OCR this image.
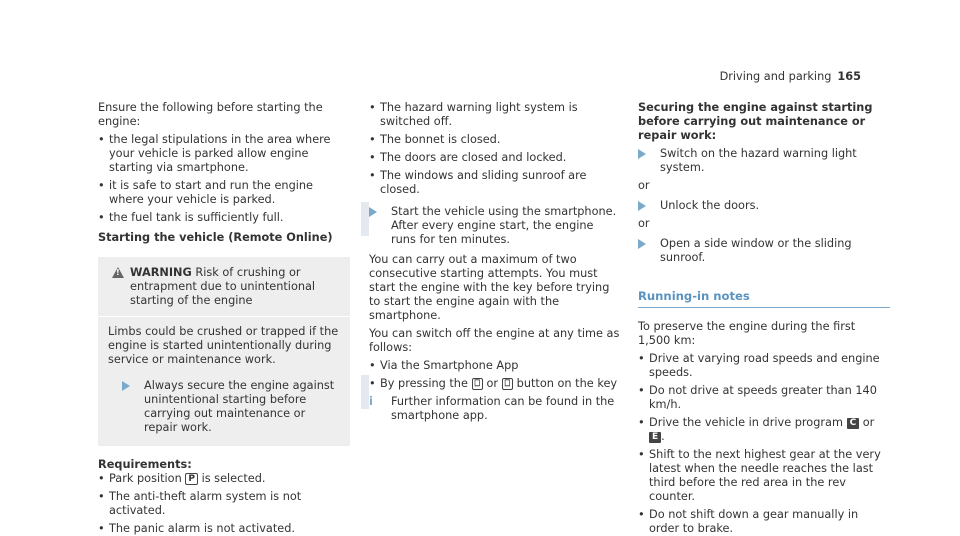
Driving and parking 165

Ensure the following before starting the engine:

• the legal stipulations in the area where your vehicle is parked allow engine starting via smartphone.
• it is safe to start and run the engine where your vehicle is parked.
• the fuel tank is sufficiently full.

Starting the vehicle (Remote Online)

!
WARNING Risk of crushing or entrapment due to unintentional starting of the engine

Limbs could be crushed or trapped if the engine is started unintentionally during service or maintenance work.

Always secure the engine against unintentional starting before carrying out maintenance or repair work.

Requirements:

• Park position P is selected.
• The anti-theft alarm system is not activated.
• The panic alarm is not activated.
• The hazard warning light system is switched off.
• The bonnet is closed.
• The doors are closed and locked.
• The windows and sliding sunroof are closed.
Start the vehicle using the smartphone. After every engine start, the engine runs for ten minutes.

You can carry out a maximum of two consecutive starting attempts. You must start the engine with the key before trying to start the engine again with the smartphone.

You can switch off the engine at any time as follows:

• Via the Smartphone App
• By pressing the ⎕ or ⎕ button on the key
i Further information can be found in the smartphone app.

Securing the engine against starting before carrying out maintenance or repair work:

Switch on the hazard warning light system.

or

Unlock the doors.

or

Open a side window or the sliding sunroof.

Running-in notes

To preserve the engine during the first 1,500 km:

• Drive at varying road speeds and engine speeds.
• Do not drive at speeds greater than 140 km/h.
• Drive the vehicle in drive program C or E .
• Shift to the next highest gear at the very latest when the needle reaches the last third before the red area in the rev counter.
• Do not shift down a gear manually in order to brake.
